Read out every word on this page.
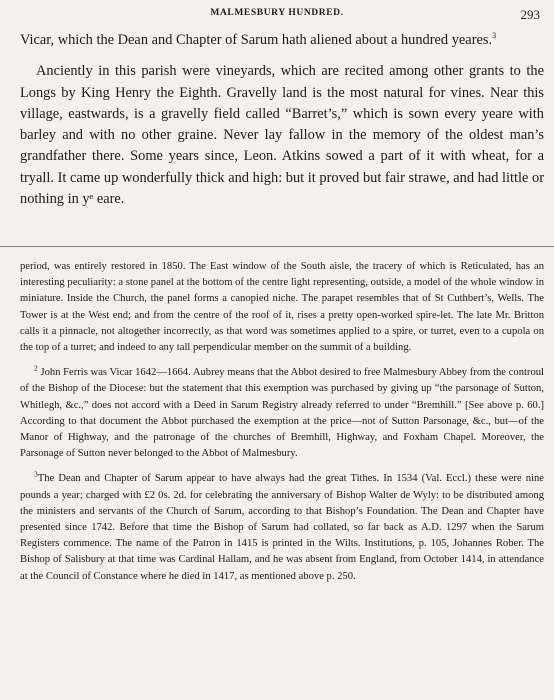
MALMESBURY HUNDRED.	293

Vicar, which the Dean and Chapter of Sarum hath aliened about a hundred yeares.$^3$

Anciently in this parish were vineyards, which are recited among other grants to the Longs by King Henry the Eighth. Gravelly land is the most natural for vines. Near this village, eastwards, is a gravelly field called “Barret’s,” which is sown every yeare with barley and with no other graine. Never lay fallow in the memory of the oldest man’s grandfather there. Some years since, Leon. Atkins sowed a part of it with wheat, for a tryall. It came up wonderfully thick and high: but it proved but fair strawe, and had little or nothing in yᵉ eare.

period, was entirely restored in 1850. The East window of the South aisle, the tracery of which is Reticulated, has an interesting peculiarity: a stone panel at the bottom of the centre light representing, outside, a model of the whole window in miniature. Inside the Church, the panel forms a canopied niche. The parapet resembles that of St Cuthbert’s, Wells. The Tower is at the West end; and from the centre of the roof of it, rises a pretty open-worked spire-let. The late Mr. Britton calls it a pinnacle, not altogether incorrectly, as that word was sometimes applied to a spire, or turret, even to a cupola on the top of a turret; and indeed to any tall perpendicular member on the summit of a building.

$^2$ John Ferris was Vicar 1642—1664. Aubrey means that the Abbot desired to free Malmesbury Abbey from the controul of the Bishop of the Diocese: but the statement that this exemption was purchased by giving up “the parsonage of Sutton, Whitlegh, &c.,” does not accord with a Deed in Sarum Registry already referred to under “Bremhill.” [See above p. 60.] According to that document the Abbot purchased the exemption at the price—not of Sutton Parsonage, &c., but—of the Manor of Highway, and the patronage of the churches of Bremhill, Highway, and Foxham Chapel. Moreover, the Parsonage of Sutton never belonged to the Abbot of Malmesbury.

$^3$The Dean and Chapter of Sarum appear to have always had the great Tithes. In 1534 (Val. Eccl.) these were nine pounds a year; charged with £2 0s. 2d. for celebrating the anniversary of Bishop Walter de Wyly: to be distributed among the ministers and servants of the Church of Sarum, according to that Bishop’s Foundation. The Dean and Chapter have presented since 1742. Before that time the Bishop of Sarum had collated, so far back as A.D. 1297 when the Sarum Registers commence. The name of the Patron in 1415 is printed in the Wilts. Institutions, p. 105, Johannes Rober. The Bishop of Salisbury at that time was Cardinal Hallam, and he was absent from England, from October 1414, in attendance at the Council of Constance where he died in 1417, as mentioned above p. 250.
